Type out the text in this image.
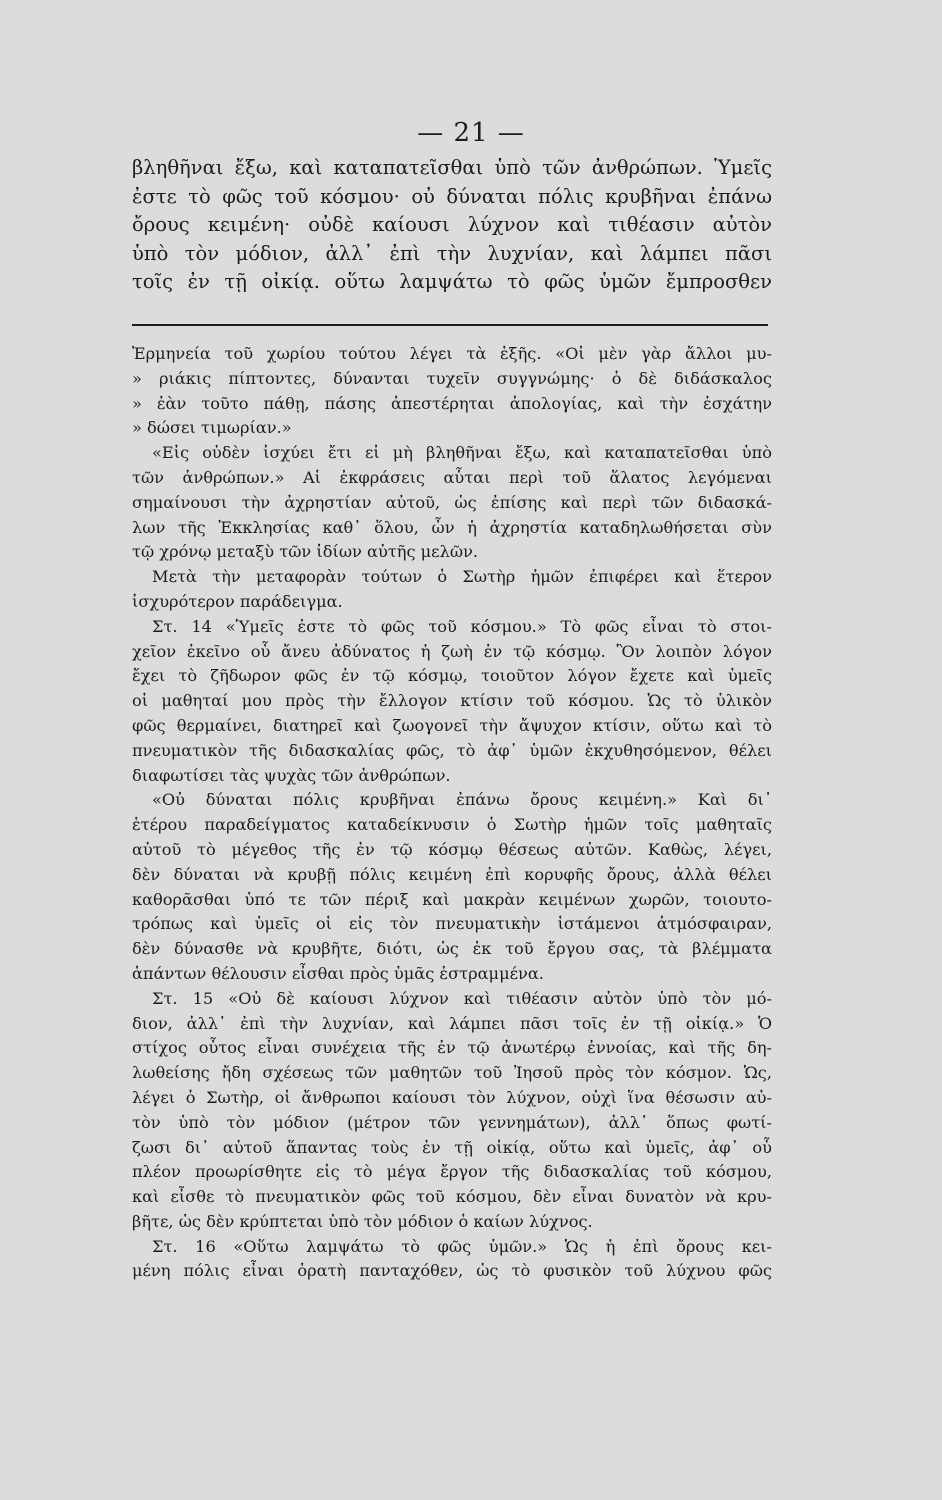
— 21 —
βληθῆναι ἔξω, καὶ καταπατεῖσθαι ὑπὸ τῶν ἀνθρώπων. Ὑμεῖς
ἐστε τὸ φῶς τοῦ κόσμου· οὐ δύναται πόλις κρυβῆναι ἐπάνω
ὄρους κειμένη· οὐδὲ καίουσι λύχνον καὶ τιθέασιν αὐτὸν
ὑπὸ τὸν μόδιον, ἀλλ᾽ ἐπὶ τὴν λυχνίαν, καὶ λάμπει πᾶσι
τοῖς ἐν τῇ οἰκίᾳ. οὕτω λαμψάτω τὸ φῶς ὑμῶν ἔμπροσθεν
Ἑρμηνεία τοῦ χωρίου τούτου λέγει τὰ ἑξῆς. «Οἱ μὲν γὰρ ἄλλοι μυ-
» ριάκις πίπτοντες, δύνανται τυχεῖν συγγνώμης· ὁ δὲ διδάσκαλος
» ἐὰν τοῦτο πάθῃ, πάσης ἀπεστέρηται ἀπολογίας, καὶ τὴν ἐσχάτην
» δώσει τιμωρίαν.»
«Εἰς οὐδὲν ἰσχύει ἔτι εἰ μὴ βληθῆναι ἔξω, καὶ καταπατεῖσθαι ὑπὸ
τῶν ἀνθρώπων.» Αἱ ἐκφράσεις αὗται περὶ τοῦ ἅλατος λεγόμεναι
σημαίνουσι τὴν ἀχρηστίαν αὐτοῦ, ὡς ἐπίσης καὶ περὶ τῶν διδασκά-
λων τῆς Ἐκκλησίας καθ᾽ ὅλου, ὧν ἡ ἀχρηστία καταδηλωθήσεται σὺν
τῷ χρόνῳ μεταξὺ τῶν ἰδίων αὐτῆς μελῶν.
Μετὰ τὴν μεταφορὰν τούτων ὁ Σωτὴρ ἡμῶν ἐπιφέρει καὶ ἕτερον
ἰσχυρότερον παράδειγμα.
Στ. 14 «Ὑμεῖς ἐστε τὸ φῶς τοῦ κόσμου.» Τὸ φῶς εἶναι τὸ στοι-
χεῖον ἐκεῖνο οὗ ἄνευ ἀδύνατος ἡ ζωὴ ἐν τῷ κόσμῳ. Ὃν λοιπὸν λόγον
ἔχει τὸ ζῆδωρον φῶς ἐν τῷ κόσμῳ, τοιοῦτον λόγον ἔχετε καὶ ὑμεῖς
οἱ μαθηταί μου πρὸς τὴν ἔλλογον κτίσιν τοῦ κόσμου. Ὡς τὸ ὑλικὸν
φῶς θερμαίνει, διατηρεῖ καὶ ζωογονεῖ τὴν ἄψυχον κτίσιν, οὕτω καὶ τὸ
πνευματικὸν τῆς διδασκαλίας φῶς, τὸ ἀφ᾽ ὑμῶν ἐκχυθησόμενον, θέλει
διαφωτίσει τὰς ψυχὰς τῶν ἀνθρώπων.
«Οὐ δύναται πόλις κρυβῆναι ἐπάνω ὄρους κειμένη.» Καὶ δι᾽
ἑτέρου παραδείγματος καταδείκνυσιν ὁ Σωτὴρ ἡμῶν τοῖς μαθηταῖς
αὐτοῦ τὸ μέγεθος τῆς ἐν τῷ κόσμῳ θέσεως αὐτῶν. Καθὼς, λέγει,
δὲν δύναται νὰ κρυβῇ πόλις κειμένη ἐπὶ κορυφῆς ὄρους, ἀλλὰ θέλει
καθορᾶσθαι ὑπό τε τῶν πέριξ καὶ μακρὰν κειμένων χωρῶν, τοιουτο-
τρόπως καὶ ὑμεῖς οἱ εἰς τὸν πνευματικὴν ἱστάμενοι ἀτμόσφαιραν,
δὲν δύνασθε νὰ κρυβῆτε, διότι, ὡς ἐκ τοῦ ἔργου σας, τὰ βλέμματα
ἁπάντων θέλουσιν εἶσθαι πρὸς ὑμᾶς ἐστραμμένα.
Στ. 15 «Οὐ δὲ καίουσι λύχνον καὶ τιθέασιν αὐτὸν ὑπὸ τὸν μό-
διον, ἀλλ᾽ ἐπὶ τὴν λυχνίαν, καὶ λάμπει πᾶσι τοῖς ἐν τῇ οἰκίᾳ.» Ὁ
στίχος οὗτος εἶναι συνέχεια τῆς ἐν τῷ ἀνωτέρῳ ἐννοίας, καὶ τῆς δη-
λωθείσης ἤδη σχέσεως τῶν μαθητῶν τοῦ Ἰησοῦ πρὸς τὸν κόσμον. Ὡς,
λέγει ὁ Σωτὴρ, οἱ ἄνθρωποι καίουσι τὸν λύχνον, οὐχὶ ἵνα θέσωσιν αὐ-
τὸν ὑπὸ τὸν μόδιον (μέτρον τῶν γεννημάτων), ἀλλ᾽ ὅπως φωτί-
ζωσι δι᾽ αὐτοῦ ἅπαντας τοὺς ἐν τῇ οἰκίᾳ, οὕτω καὶ ὑμεῖς, ἀφ᾽ οὗ
πλέον προωρίσθητε εἰς τὸ μέγα ἔργον τῆς διδασκαλίας τοῦ κόσμου,
καὶ εἶσθε τὸ πνευματικὸν φῶς τοῦ κόσμου, δὲν εἶναι δυνατὸν νὰ κρυ-
βῆτε, ὡς δὲν κρύπτεται ὑπὸ τὸν μόδιον ὁ καίων λύχνος.
Στ. 16 «Οὕτω λαμψάτω τὸ φῶς ὑμῶν.» Ὡς ἡ ἐπὶ ὄρους κει-
μένη πόλις εἶναι ὁρατὴ πανταχόθεν, ὡς τὸ φυσικὸν τοῦ λύχνου φῶς
